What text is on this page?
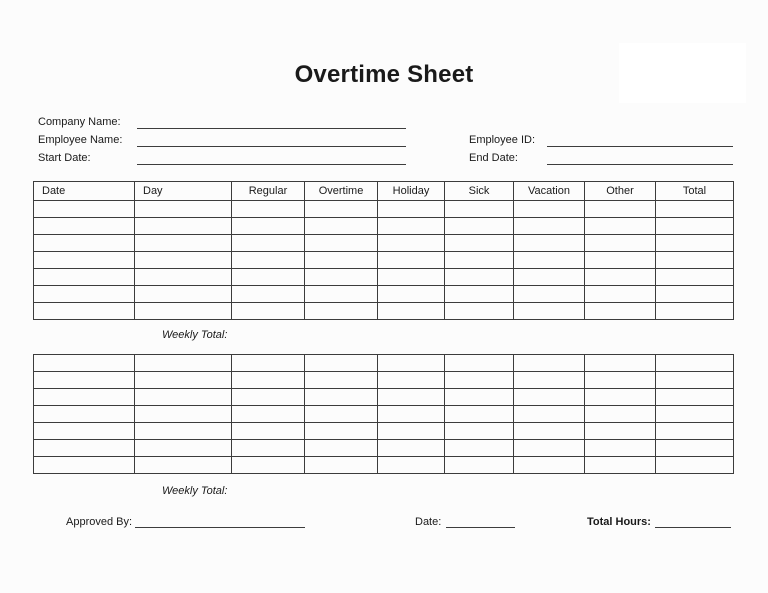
Overtime Sheet
Company Name:
Employee Name:
Start Date:
Employee ID:
End Date:
Date	Day	Regular	Overtime	Holiday	Sick	Vacation	Other	Total

Weekly Total:

Weekly Total:
Approved By:	Date:	Total Hours:
